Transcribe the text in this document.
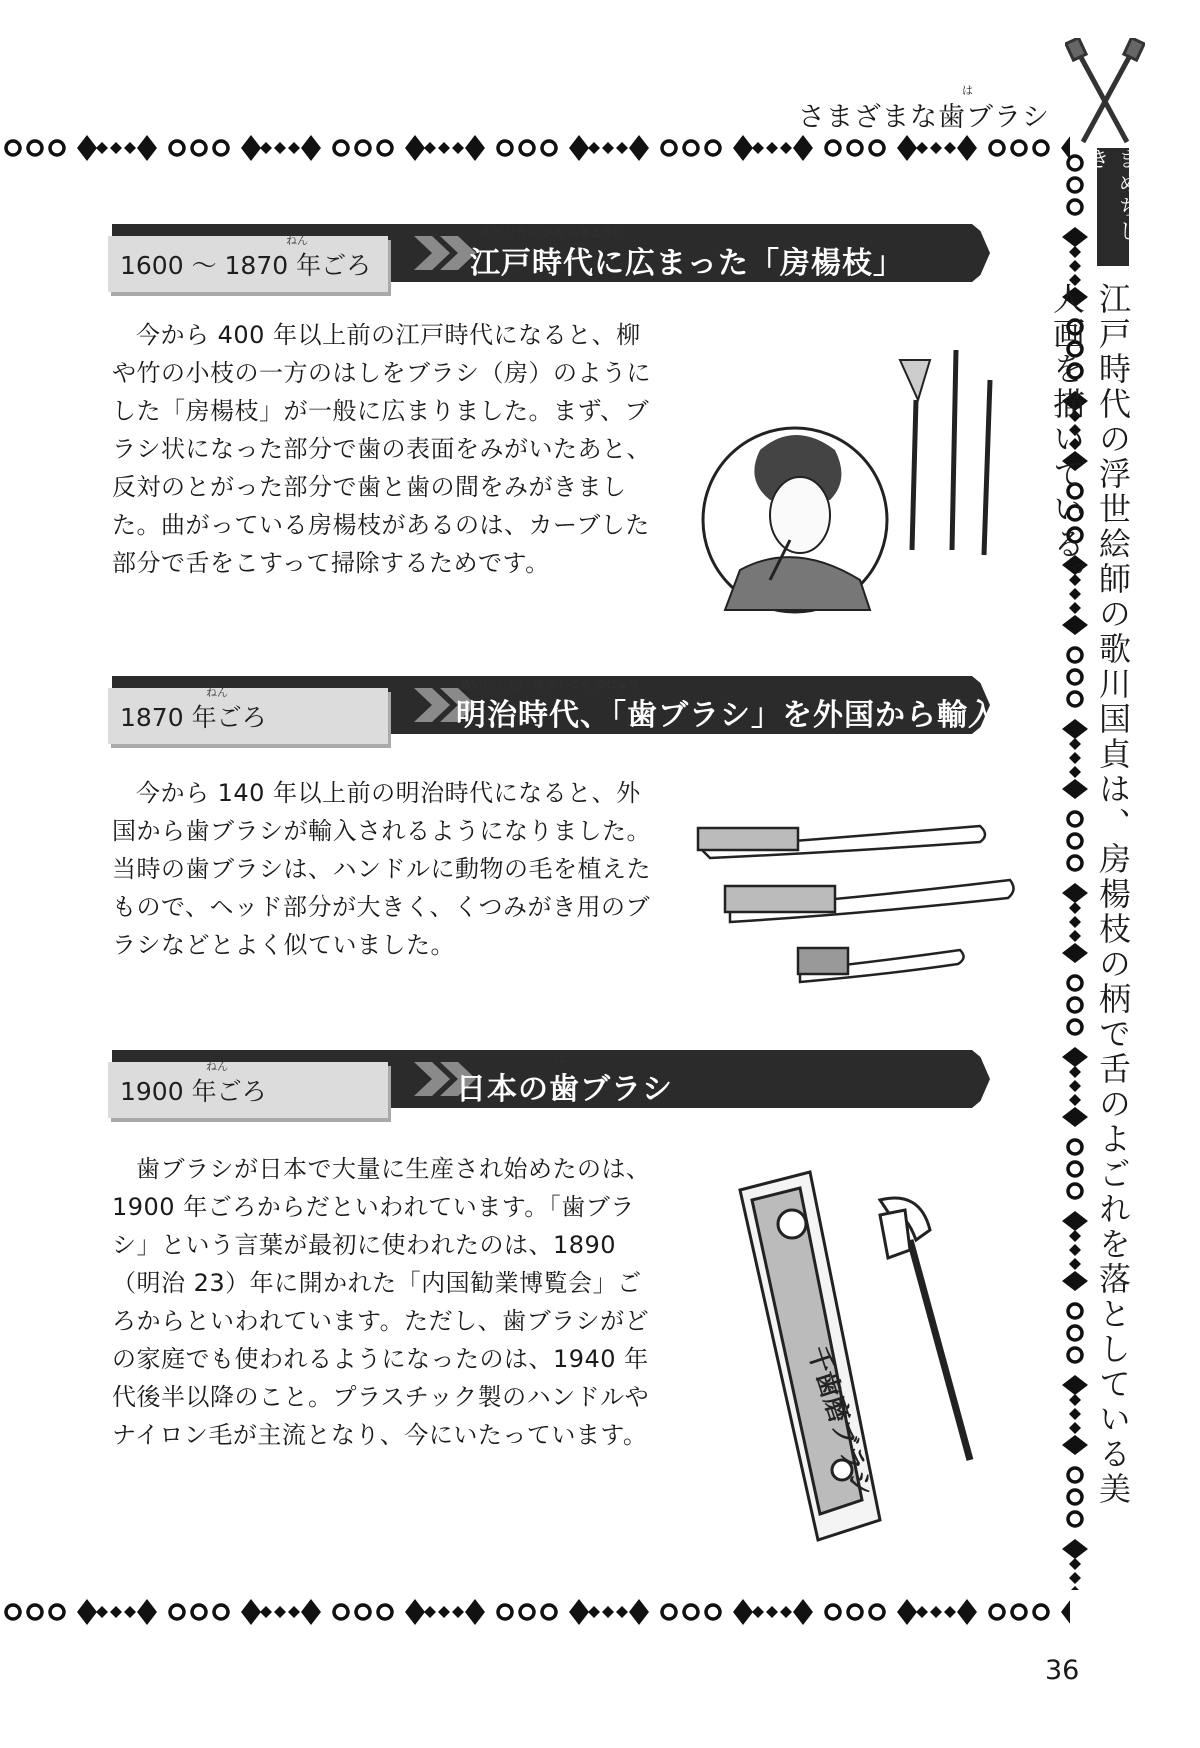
は
さまざまな歯ブラシ
まめちしき
江戸時代の浮世絵師の歌川国貞は、房楊枝の柄で舌のよごれを落としている美人画を描いている。
1600 〜 1870 年ごろ
ねん
えど じだい ひろ ふさようじ
江戸時代に広まった「房楊枝」

今から 400 年以上前の江戸時代になると、柳や竹の小枝の一方のはしをブラシ（房）のようにした「房楊枝」が一般に広まりました。まず、ブラシ状になった部分で歯の表面をみがいたあと、反対のとがった部分で歯と歯の間をみがきました。曲がっている房楊枝があるのは、カーブした部分で舌をこすって掃除するためです。

1870 年ごろ
ねん
めいじ じだい は がいこく ゆにゅう
明治時代、「歯ブラシ」を外国から輸入

今から 140 年以上前の明治時代になると、外国から歯ブラシが輸入されるようになりました。当時の歯ブラシは、ハンドルに動物の毛を植えたもので、ヘッド部分が大きく、くつみがき用のブラシなどとよく似ていました。

1900 年ごろ
ねん
は
日本の歯ブラシ

歯ブラシが日本で大量に生産され始めたのは、1900 年ごろからだといわれています。「歯ブラシ」という言葉が最初に使われたのは、1890（明治 23）年に開かれた「内国勧業博覧会」ごろからといわれています。ただし、歯ブラシがどの家庭でも使われるようになったのは、1940 年代後半以降のこと。プラスチック製のハンドルやナイロン毛が主流となり、今にいたっています。	千歯磨ブラシ
36
